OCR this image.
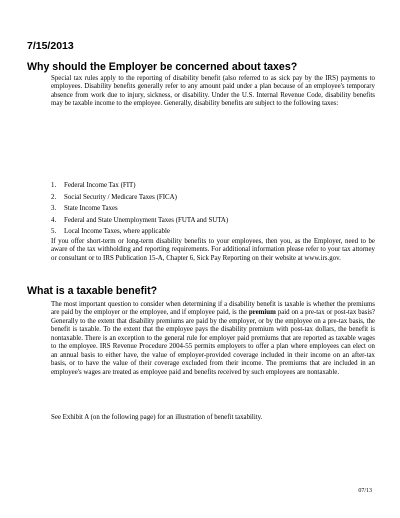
7/15/2013

Why should the Employer be concerned about taxes?

Special tax rules apply to the reporting of disability benefit (also referred to as sick pay by the IRS) payments to employees. Disability benefits generally refer to any amount paid under a plan because of an employee's temporary absence from work due to injury, sickness, or disability. Under the U.S. Internal Revenue Code, disability benefits may be taxable income to the employee. Generally, disability benefits are subject to the following taxes:

1. Federal Income Tax (FIT)
2. Social Security / Medicare Taxes (FICA)
3. State Income Taxes
4. Federal and State Unemployment Taxes (FUTA and SUTA)
5. Local Income Taxes, where applicable

If you offer short-term or long-term disability benefits to your employees, then you, as the Employer, need to be aware of the tax withholding and reporting requirements. For additional information please refer to your tax attorney or consultant or to IRS Publication 15-A, Chapter 6, Sick Pay Reporting on their website at www.irs.gov.

What is a taxable benefit?

The most important question to consider when determining if a disability benefit is taxable is whether the premiums are paid by the employer or the employee, and if employee paid, is the premium paid on a pre-tax or post-tax basis? Generally to the extent that disability premiums are paid by the employer, or by the employee on a pre-tax basis, the benefit is taxable. To the extent that the employee pays the disability premium with post-tax dollars, the benefit is nontaxable. There is an exception to the general rule for employer paid premiums that are reported as taxable wages to the employee. IRS Revenue Procedure 2004-55 permits employers to offer a plan where employees can elect on an annual basis to either have, the value of employer-provided coverage included in their income on an after-tax basis, or to have the value of their coverage excluded from their income. The premiums that are included in an employee's wages are treated as employee paid and benefits received by such employees are nontaxable.

See Exhibit A (on the following page) for an illustration of benefit taxability.

07/13
